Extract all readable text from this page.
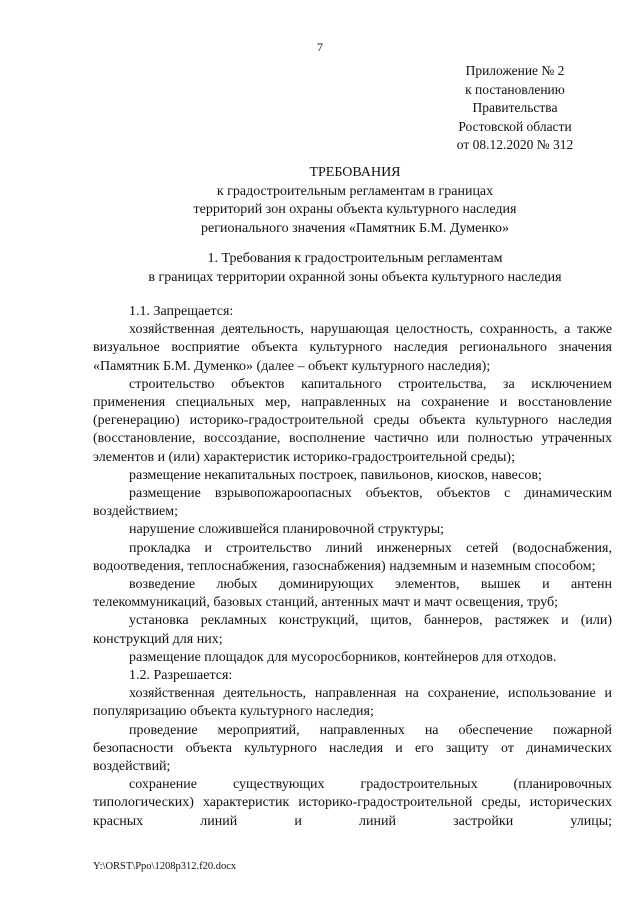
7
Приложение № 2
к постановлению
Правительства
Ростовской области
от 08.12.2020 № 312
ТРЕБОВАНИЯ
к градостроительным регламентам в границах
территорий зон охраны объекта культурного наследия
регионального значения «Памятник Б.М. Думенко»
1. Требования к градостроительным регламентам
в границах территории охранной зоны объекта культурного наследия

1.1. Запрещается:

хозяйственная деятельность, нарушающая целостность, сохранность, а также визуальное восприятие объекта культурного наследия регионального значения «Памятник Б.М. Думенко» (далее – объект культурного наследия);

строительство объектов капитального строительства, за исключением применения специальных мер, направленных на сохранение и восстановление (регенерацию) историко-градостроительной среды объекта культурного наследия (восстановление, воссоздание, восполнение частично или полностью утраченных элементов и (или) характеристик историко-градостроительной среды);

размещение некапитальных построек, павильонов, киосков, навесов;

размещение взрывопожароопасных объектов, объектов с динамическим воздействием;

нарушение сложившейся планировочной структуры;

прокладка и строительство линий инженерных сетей (водоснабжения, водоотведения, теплоснабжения, газоснабжения) надземным и наземным способом;

возведение любых доминирующих элементов, вышек и антенн телекоммуникаций, базовых станций, антенных мачт и мачт освещения, труб;

установка рекламных конструкций, щитов, баннеров, растяжек и (или) конструкций для них;

размещение площадок для мусоросборников, контейнеров для отходов.

1.2. Разрешается:

хозяйственная деятельность, направленная на сохранение, использование и популяризацию объекта культурного наследия;

проведение мероприятий, направленных на обеспечение пожарной безопасности объекта культурного наследия и его защиту от динамических воздействий;

сохранение существующих градостроительных (планировочных типологических) характеристик историко-градостроительной среды, исторических красных линий и линий застройки улицы;

Y:\ORST\Ppo\1208p312.f20.docx
